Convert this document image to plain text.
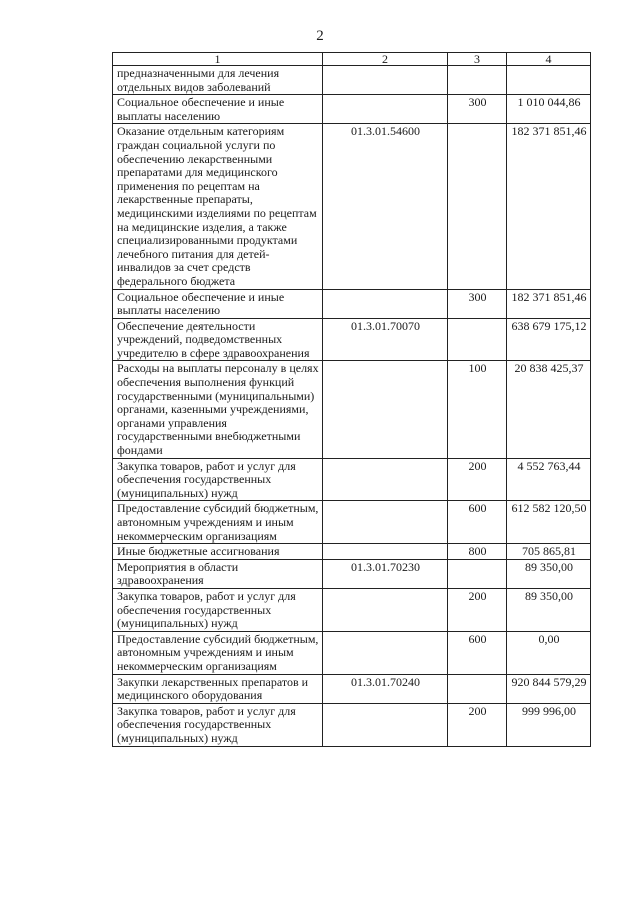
2
1	2	3	4
предназначенными для лечения отдельных видов заболеваний			
Социальное обеспечение и иные выплаты населению		300	1 010 044,86
Оказание отдельным категориям граждан социальной услуги по обеспечению лекарственными препаратами для медицинского применения по рецептам на лекарственные препараты, медицинскими изделиями по рецептам на медицинские изделия, а также специализированными продуктами лечебного питания для детей-инвалидов за счет средств федерального бюджета	01.3.01.54600		182 371 851,46
Социальное обеспечение и иные выплаты населению		300	182 371 851,46
Обеспечение деятельности учреждений, подведомственных учредителю в сфере здравоохранения	01.3.01.70070		638 679 175,12
Расходы на выплаты персоналу в целях обеспечения выполнения функций государственными (муниципальными) органами, казенными учреждениями, органами управления государственными внебюджетными фондами		100	20 838 425,37
Закупка товаров, работ и услуг для обеспечения государственных (муниципальных) нужд		200	4 552 763,44
Предоставление субсидий бюджетным, автономным учреждениям и иным некоммерческим организациям		600	612 582 120,50
Иные бюджетные ассигнования		800	705 865,81
Мероприятия в области здравоохранения	01.3.01.70230		89 350,00
Закупка товаров, работ и услуг для обеспечения государственных (муниципальных) нужд		200	89 350,00
Предоставление субсидий бюджетным, автономным учреждениям и иным некоммерческим организациям		600	0,00
Закупки лекарственных препаратов и медицинского оборудования	01.3.01.70240		920 844 579,29
Закупка товаров, работ и услуг для обеспечения государственных (муниципальных) нужд		200	999 996,00
